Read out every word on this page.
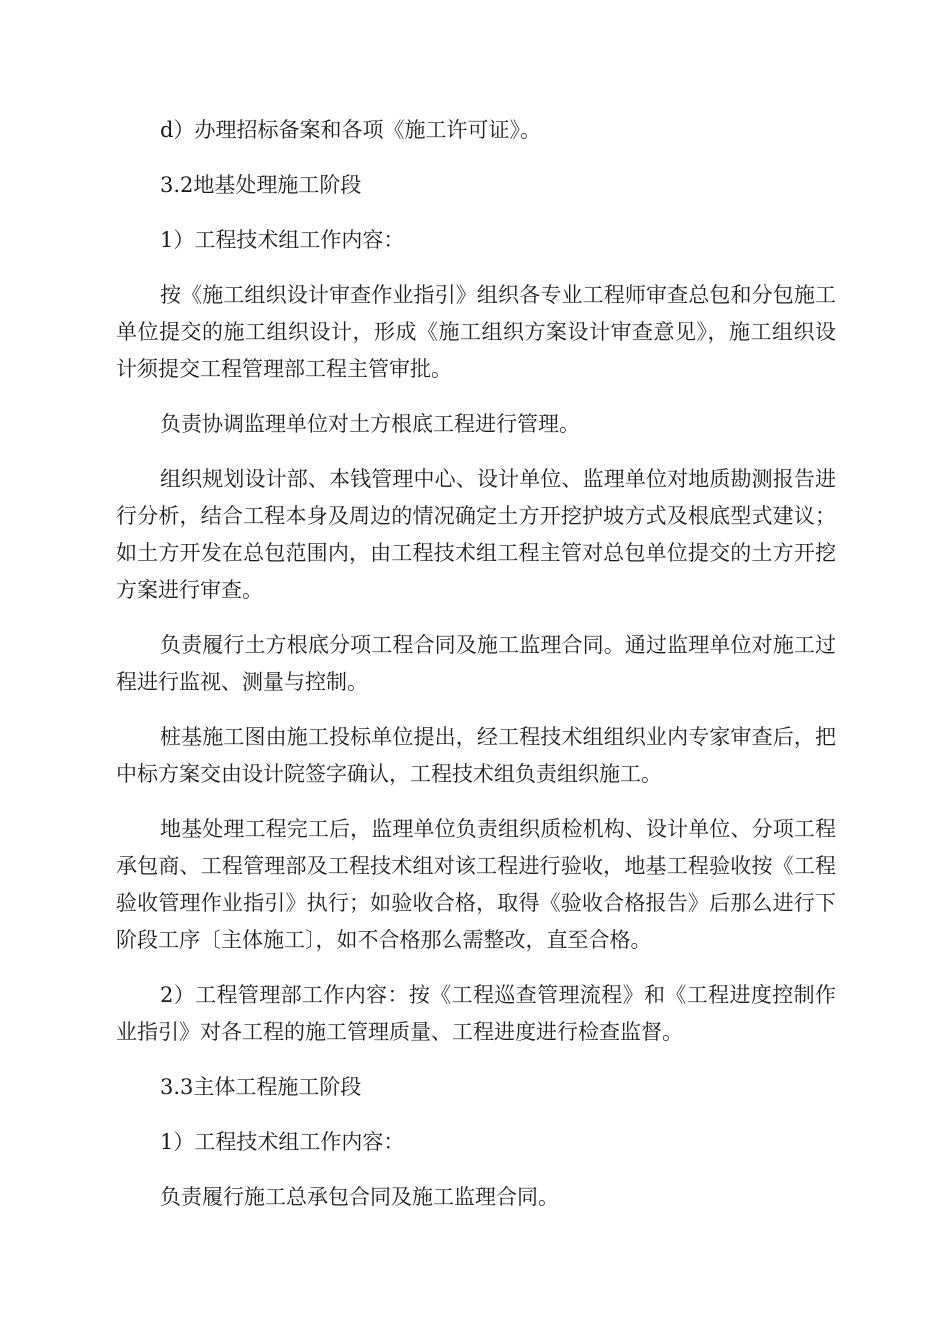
d）办理招标备案和各项《施工许可证》。

3.2地基处理施工阶段

1）工程技术组工作内容：

按《施工组织设计审查作业指引》组织各专业工程师审查总包和分包施工单位提交的施工组织设计，形成《施工组织方案设计审查意见》，施工组织设计须提交工程管理部工程主管审批。

负责协调监理单位对土方根底工程进行管理。

组织规划设计部、本钱管理中心、设计单位、监理单位对地质勘测报告进行分析，结合工程本身及周边的情况确定土方开挖护坡方式及根底型式建议；如土方开发在总包范围内，由工程技术组工程主管对总包单位提交的土方开挖方案进行审查。

负责履行土方根底分项工程合同及施工监理合同。通过监理单位对施工过程进行监视、测量与控制。

桩基施工图由施工投标单位提出，经工程技术组组织业内专家审查后，把中标方案交由设计院签字确认，工程技术组负责组织施工。

地基处理工程完工后，监理单位负责组织质检机构、设计单位、分项工程承包商、工程管理部及工程技术组对该工程进行验收，地基工程验收按《工程验收管理作业指引》执行；如验收合格，取得《验收合格报告》后那么进行下阶段工序〔主体施工〕，如不合格那么需整改，直至合格。

2）工程管理部工作内容：按《工程巡查管理流程》和《工程进度控制作业指引》对各工程的施工管理质量、工程进度进行检查监督。

3.3主体工程施工阶段

1）工程技术组工作内容：

负责履行施工总承包合同及施工监理合同。
